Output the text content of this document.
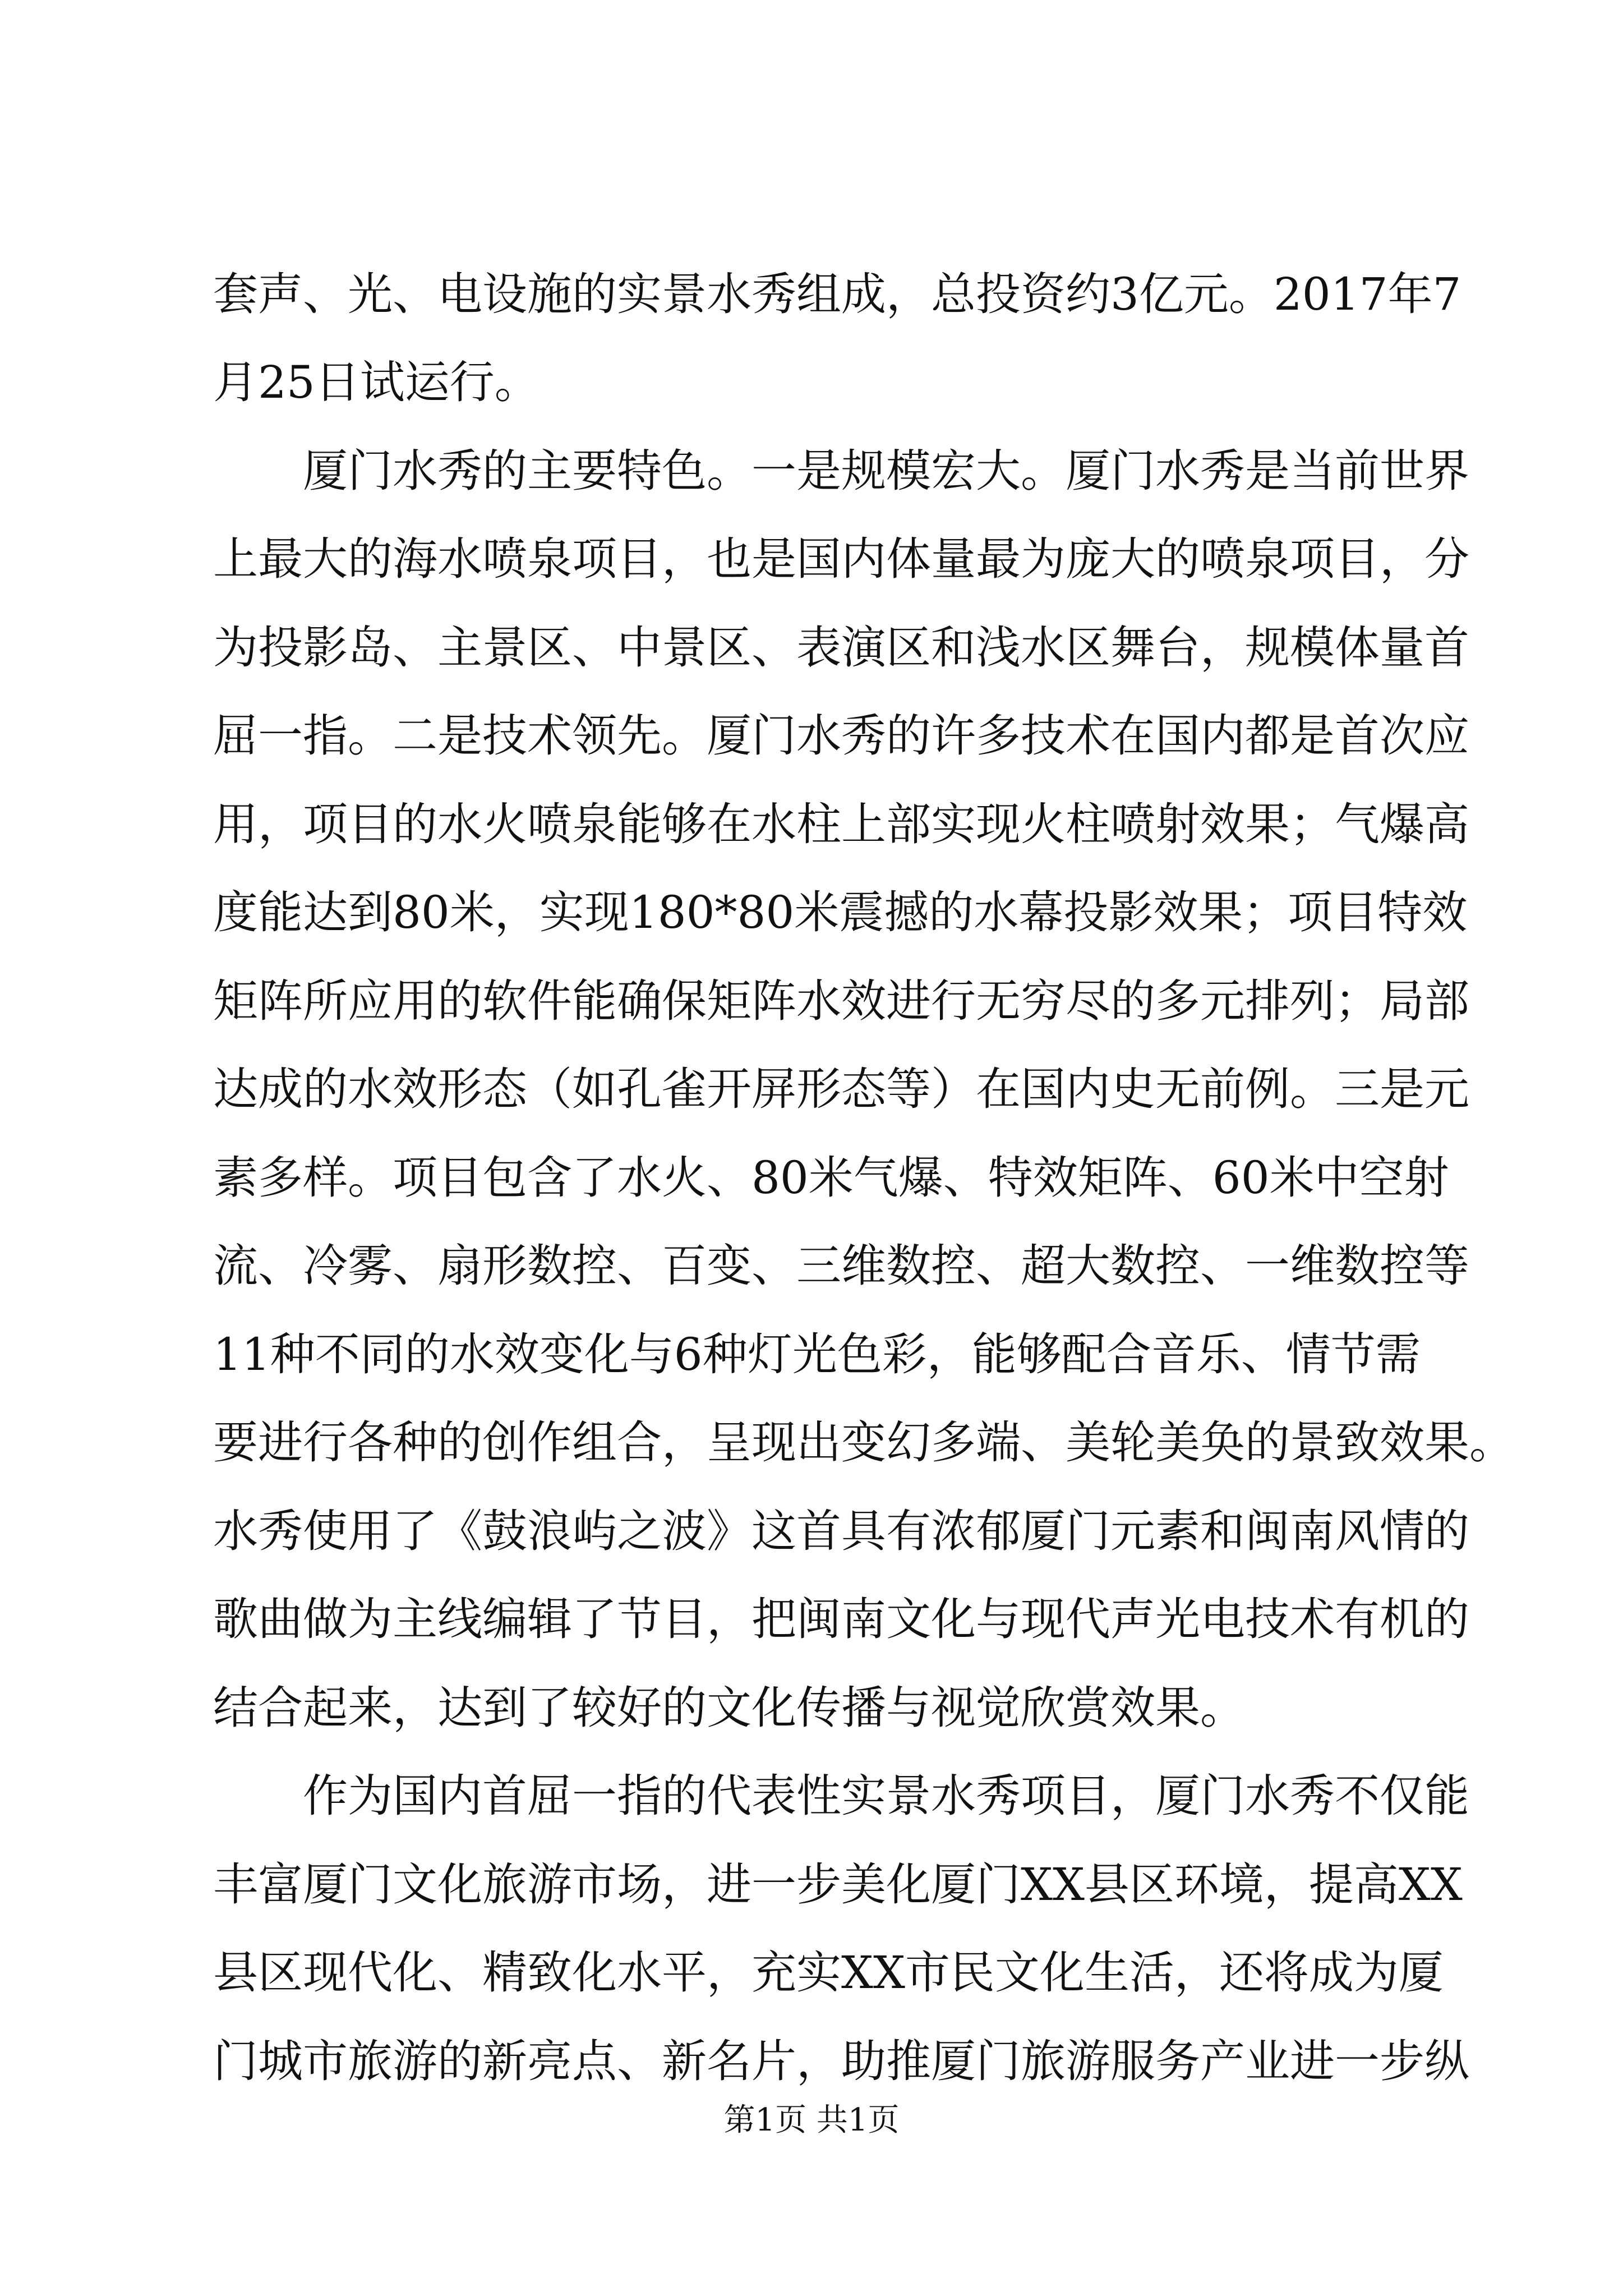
套声、光、电设施的实景水秀组成，总投资约3亿元。2017年7
月25日试运行。
　　厦门水秀的主要特色。一是规模宏大。厦门水秀是当前世界
上最大的海水喷泉项目，也是国内体量最为庞大的喷泉项目，分
为投影岛、主景区、中景区、表演区和浅水区舞台，规模体量首
屈一指。二是技术领先。厦门水秀的许多技术在国内都是首次应
用，项目的水火喷泉能够在水柱上部实现火柱喷射效果；气爆高
度能达到80米，实现180*80米震撼的水幕投影效果；项目特效
矩阵所应用的软件能确保矩阵水效进行无穷尽的多元排列；局部
达成的水效形态（如孔雀开屏形态等）在国内史无前例。三是元
素多样。项目包含了水火、80米气爆、特效矩阵、60米中空射
流、冷雾、扇形数控、百变、三维数控、超大数控、一维数控等
11种不同的水效变化与6种灯光色彩，能够配合音乐、情节需
要进行各种的创作组合，呈现出变幻多端、美轮美奂的景致效果。
水秀使用了《鼓浪屿之波》这首具有浓郁厦门元素和闽南风情的
歌曲做为主线编辑了节目，把闽南文化与现代声光电技术有机的
结合起来，达到了较好的文化传播与视觉欣赏效果。
　　作为国内首屈一指的代表性实景水秀项目，厦门水秀不仅能
丰富厦门文化旅游市场，进一步美化厦门XX县区环境，提高XX
县区现代化、精致化水平，充实XX市民文化生活，还将成为厦
门城市旅游的新亮点、新名片，助推厦门旅游服务产业进一步纵
第1页 共1页
